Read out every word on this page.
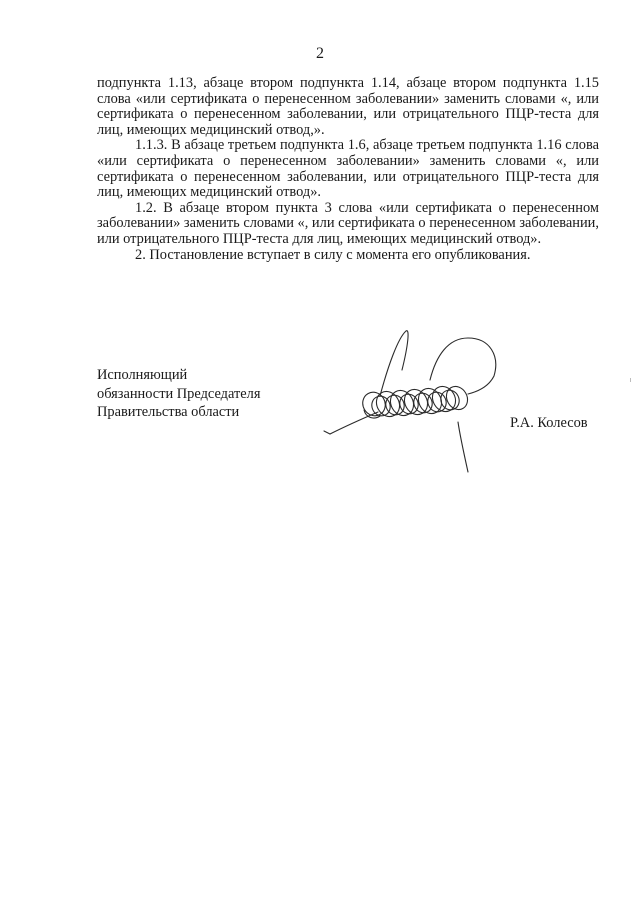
2

подпункта 1.13, абзаце втором подпункта 1.14, абзаце втором подпункта 1.15 слова «или сертификата о перенесенном заболевании» заменить словами «, или сертификата о перенесенном заболевании, или отрицательного ПЦР-теста для лиц, имеющих медицинский отвод,».

1.1.3. В абзаце третьем подпункта 1.6, абзаце третьем подпункта 1.16 слова «или сертификата о перенесенном заболевании» заменить словами «, или сертификата о перенесенном заболевании, или отрицательного ПЦР-теста для лиц, имеющих медицинский отвод».

1.2. В абзаце втором пункта 3 слова «или сертификата о перенесенном заболевании» заменить словами «, или сертификата о перенесенном заболевании, или отрицательного ПЦР-теста для лиц, имеющих медицинский отвод».

2. Постановление вступает в силу с момента его опубликования.

Исполняющий
обязанности Председателя
Правительства области
Р.А. Колесов
